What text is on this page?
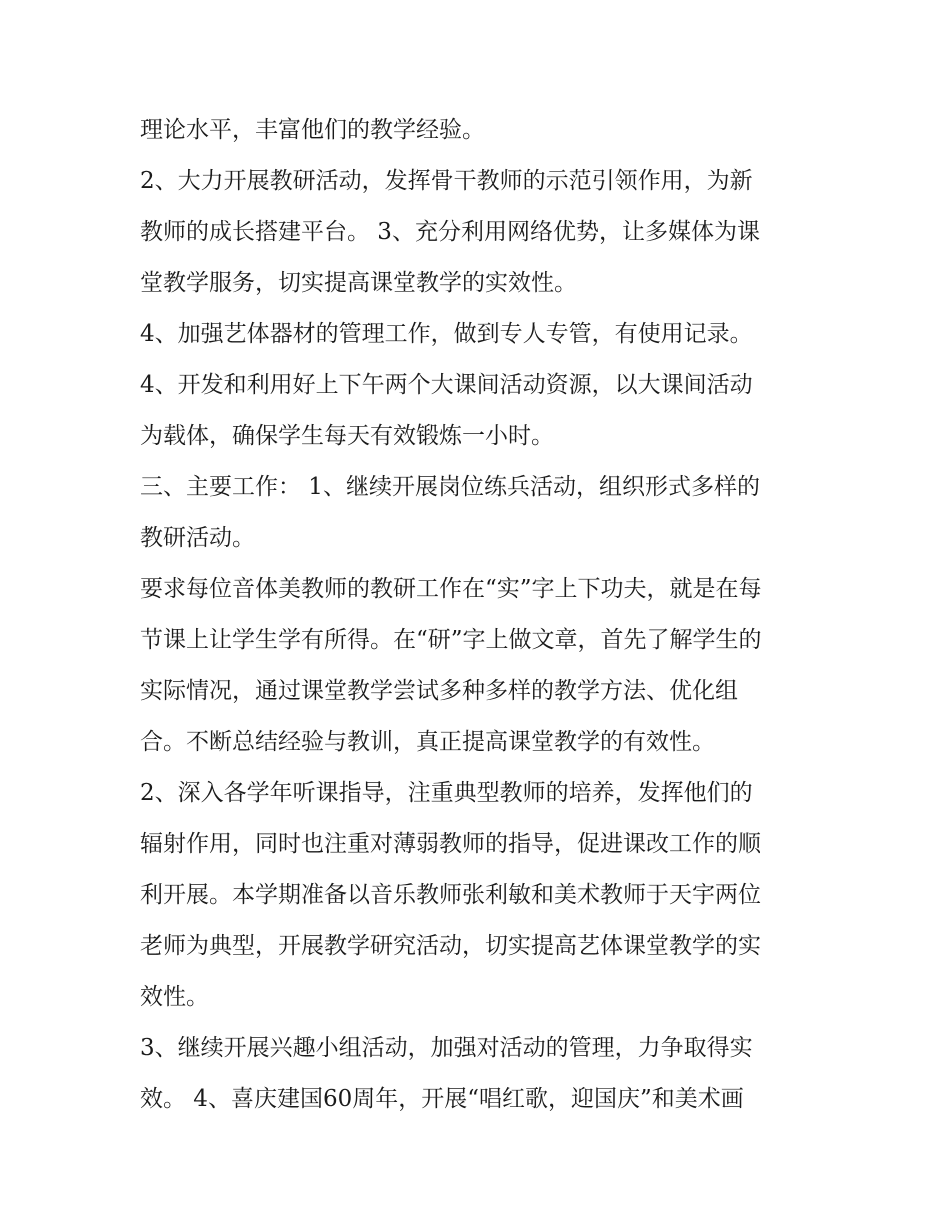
理论水平，丰富他们的教学经验。
2、大力开展教研活动，发挥骨干教师的示范引领作用，为新
教师的成长搭建平台。 3、充分利用网络优势，让多媒体为课
堂教学服务，切实提高课堂教学的实效性。
4、加强艺体器材的管理工作，做到专人专管，有使用记录。
4、开发和利用好上下午两个大课间活动资源，以大课间活动
为载体，确保学生每天有效锻炼一小时。
三、主要工作： 1、继续开展岗位练兵活动，组织形式多样的
教研活动。
要求每位音体美教师的教研工作在“实”字上下功夫，就是在每
节课上让学生学有所得。在“研”字上做文章，首先了解学生的
实际情况，通过课堂教学尝试多种多样的教学方法、优化组
合。不断总结经验与教训，真正提高课堂教学的有效性。
2、深入各学年听课指导，注重典型教师的培养，发挥他们的
辐射作用，同时也注重对薄弱教师的指导，促进课改工作的顺
利开展。本学期准备以音乐教师张利敏和美术教师于天宇两位
老师为典型，开展教学研究活动，切实提高艺体课堂教学的实
效性。
3、继续开展兴趣小组活动，加强对活动的管理，力争取得实
效。 4、喜庆建国60周年，开展“唱红歌，迎国庆”和美术画
